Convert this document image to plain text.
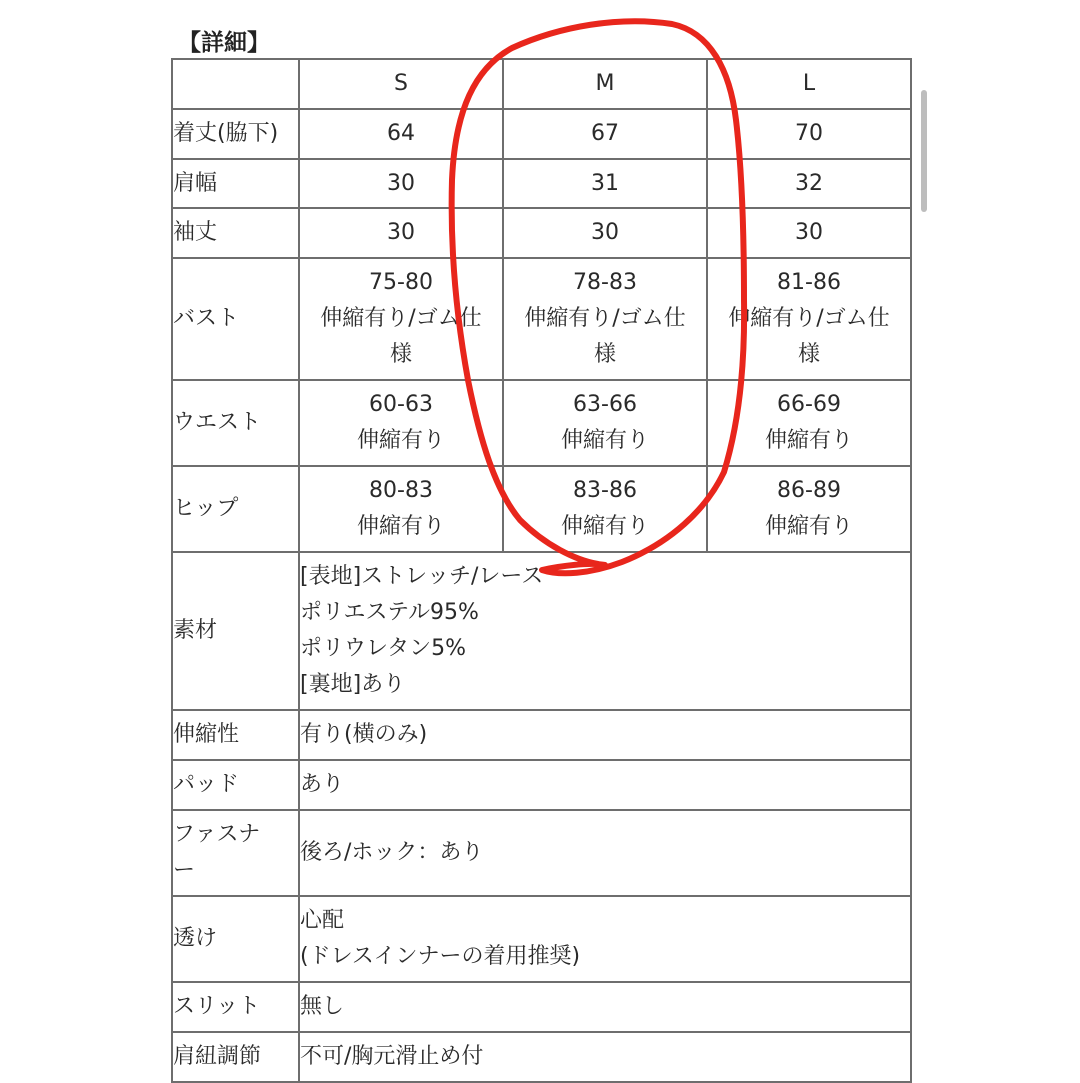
【詳細】
	S	M	L
着丈(脇下)	64	67	70

肩幅	30	31	32

袖丈	30	30	30

バスト	75-80
伸縮有り/ゴム仕
様	78-83
伸縮有り/ゴム仕
様	81-86
伸縮有り/ゴム仕
様

ウエスト	60-63
伸縮有り	63-66
伸縮有り	66-69
伸縮有り

ヒップ	80-83
伸縮有り	83-86
伸縮有り	86-89
伸縮有り

素材	[表地]ストレッチ/レース
ポリエステル95%
ポリウレタン5%
[裏地]あり		

伸縮性	有り(横のみ)		

パッド	あり		

ファスナ
ー	後ろ/ホック：あり		

透け	心配
(ドレスインナーの着用推奨)		

スリット	無し		

肩紐調節	不可/胸元滑止め付		
